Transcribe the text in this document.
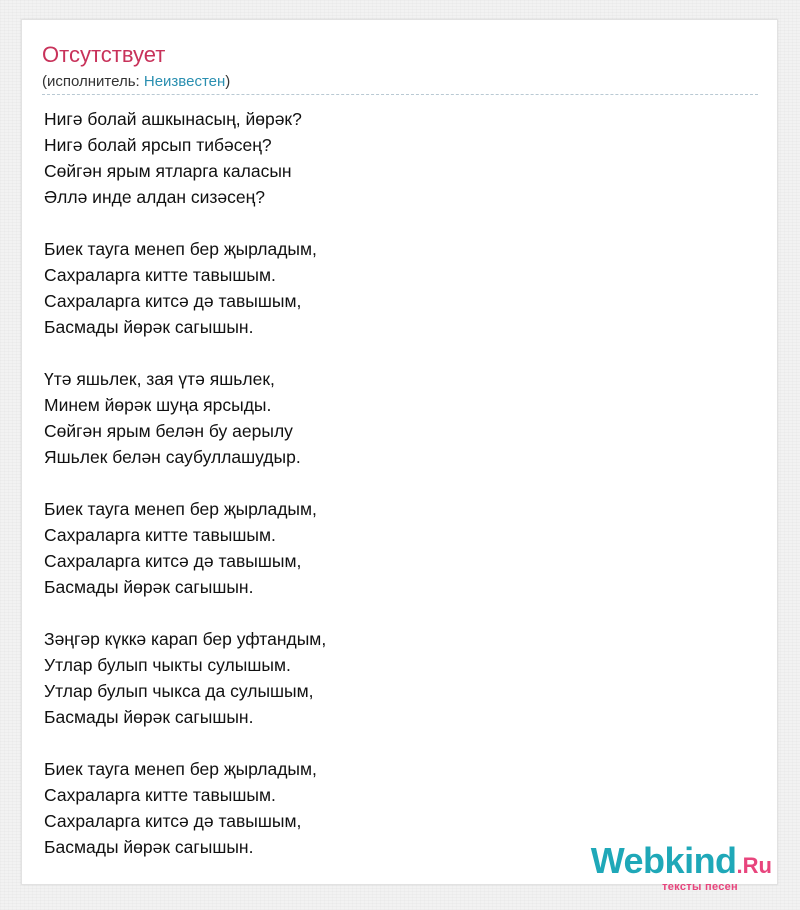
Отсутствует
(исполнитель: Неизвестен)
Нигә болай ашкынасың, йөрәк?
Нигә болай ярсып тибәсең?
Сөйгән ярым ятларга каласын
Әллә инде алдан сизәсең?
Биек тауга менеп бер җырладым,
Сахраларга китте тавышым.
Сахраларга китсә дә тавышым,
Басмады йөрәк сагышын.
Үтә яшьлек, зая үтә яшьлек,
Минем йөрәк шуңа ярсыды.
Сөйгән ярым белән бу аерылу
Яшьлек белән саубуллашудыр.
Биек тауга менеп бер җырладым,
Сахраларга китте тавышым.
Сахраларга китсә дә тавышым,
Басмады йөрәк сагышын.
Зәңгәр күккә карап бер уфтандым,
Утлар булып чыкты сулышым.
Утлар булып чыкса да сулышым,
Басмады йөрәк сагышын.
Биек тауга менеп бер җырладым,
Сахраларга китте тавышым.
Сахраларга китсә дә тавышым,
Басмады йөрәк сагышын.	Webkind.Ru
тексты песен
